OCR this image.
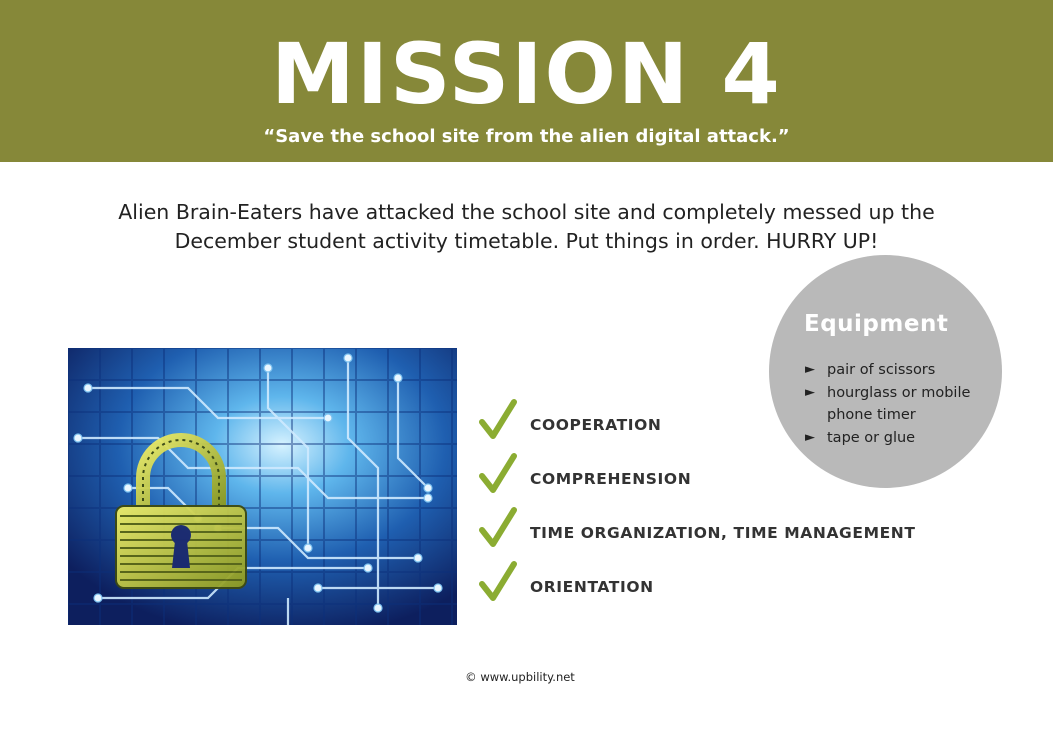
MISSION 4
“Save the school site from the alien digital attack.”
Alien Brain-Eaters have attacked the school site and completely messed up the
December student activity timetable. Put things in order. HURRY UP!
COOPERATION
COMPREHENSION
TIME ORGANIZATION, TIME MANAGEMENT
ORIENTATION
Equipment
► pair of scissors
► hourglass or mobile phone timer
► tape or glue
© www.upbility.net
